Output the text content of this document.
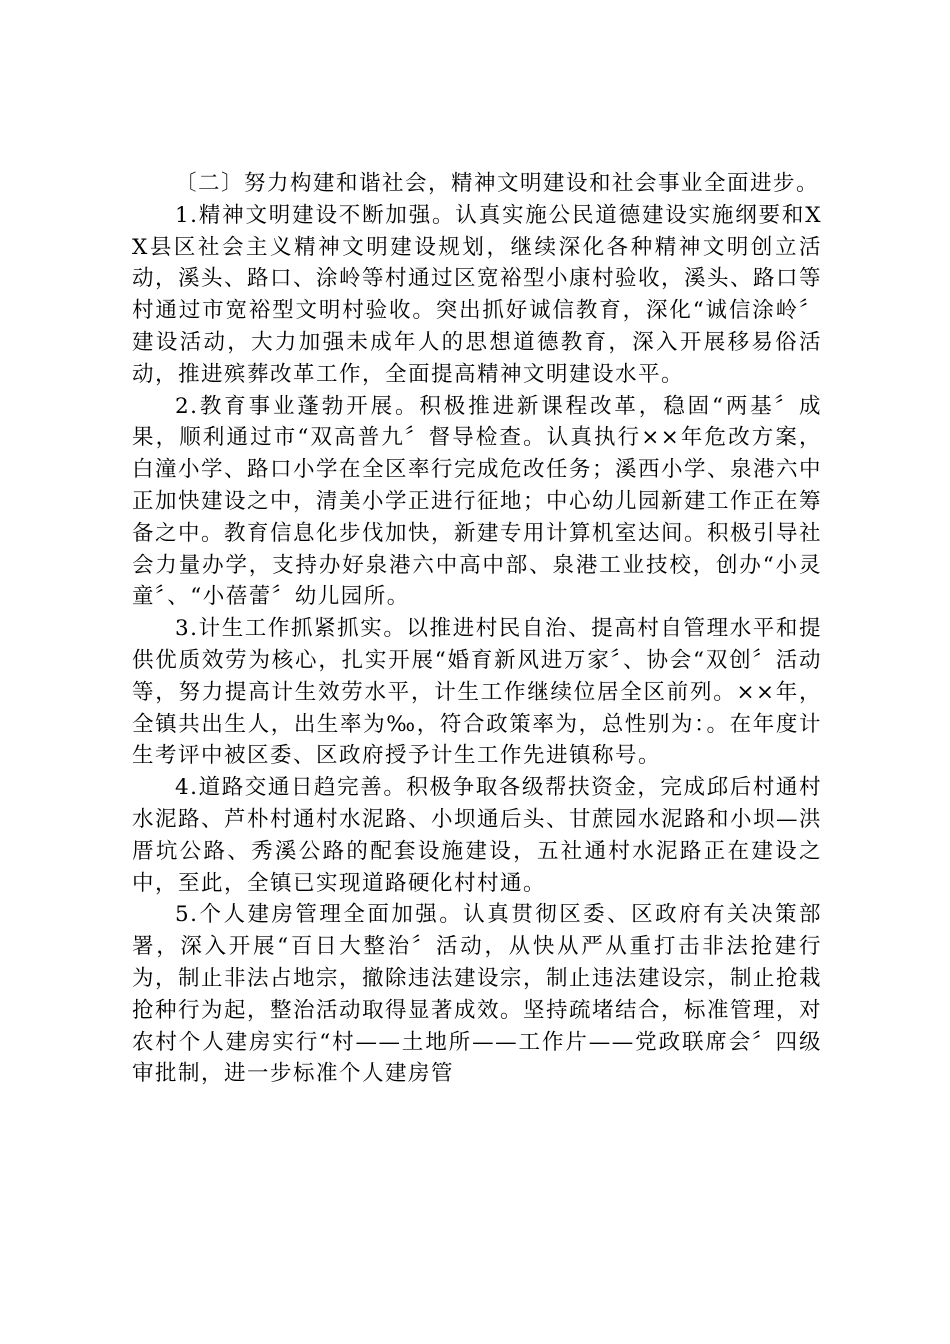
〔二〕努力构建和谐社会，精神文明建设和社会事业全面进步。

1.精神文明建设不断加强。认真实施公民道德建设实施纲要和XX县区社会主义精神文明建设规划，继续深化各种精神文明创立活动，溪头、路口、涂岭等村通过区宽裕型小康村验收，溪头、路口等村通过市宽裕型文明村验收。突出抓好诚信教育，深化“诚信涂岭〞建设活动，大力加强未成年人的思想道德教育，深入开展移易俗活动，推进殡葬改革工作，全面提高精神文明建设水平。

2.教育事业蓬勃开展。积极推进新课程改革，稳固“两基〞成果，顺利通过市“双高普九〞督导检查。认真执行××年危改方案，白潼小学、路口小学在全区率行完成危改任务；溪西小学、泉港六中正加快建设之中，清美小学正进行征地；中心幼儿园新建工作正在筹备之中。教育信息化步伐加快，新建专用计算机室达间。积极引导社会力量办学，支持办好泉港六中高中部、泉港工业技校，创办“小灵童〞、“小蓓蕾〞幼儿园所。

3.计生工作抓紧抓实。以推进村民自治、提高村自管理水平和提供优质效劳为核心，扎实开展“婚育新风进万家〞、协会“双创〞活动等，努力提高计生效劳水平，计生工作继续位居全区前列。××年，全镇共出生人，出生率为‰，符合政策率为，总性别为：。在年度计生考评中被区委、区政府授予计生工作先进镇称号。

4.道路交通日趋完善。积极争取各级帮扶资金，完成邱后村通村水泥路、芦朴村通村水泥路、小坝通后头、甘蔗园水泥路和小坝—洪厝坑公路、秀溪公路的配套设施建设，五社通村水泥路正在建设之中，至此，全镇已实现道路硬化村村通。

5.个人建房管理全面加强。认真贯彻区委、区政府有关决策部署，深入开展“百日大整治〞活动，从快从严从重打击非法抢建行为，制止非法占地宗，撤除违法建设宗，制止违法建设宗，制止抢栽抢种行为起，整治活动取得显著成效。坚持疏堵结合，标准管理，对农村个人建房实行“村——土地所——工作片——党政联席会〞四级审批制，进一步标准个人建房管
